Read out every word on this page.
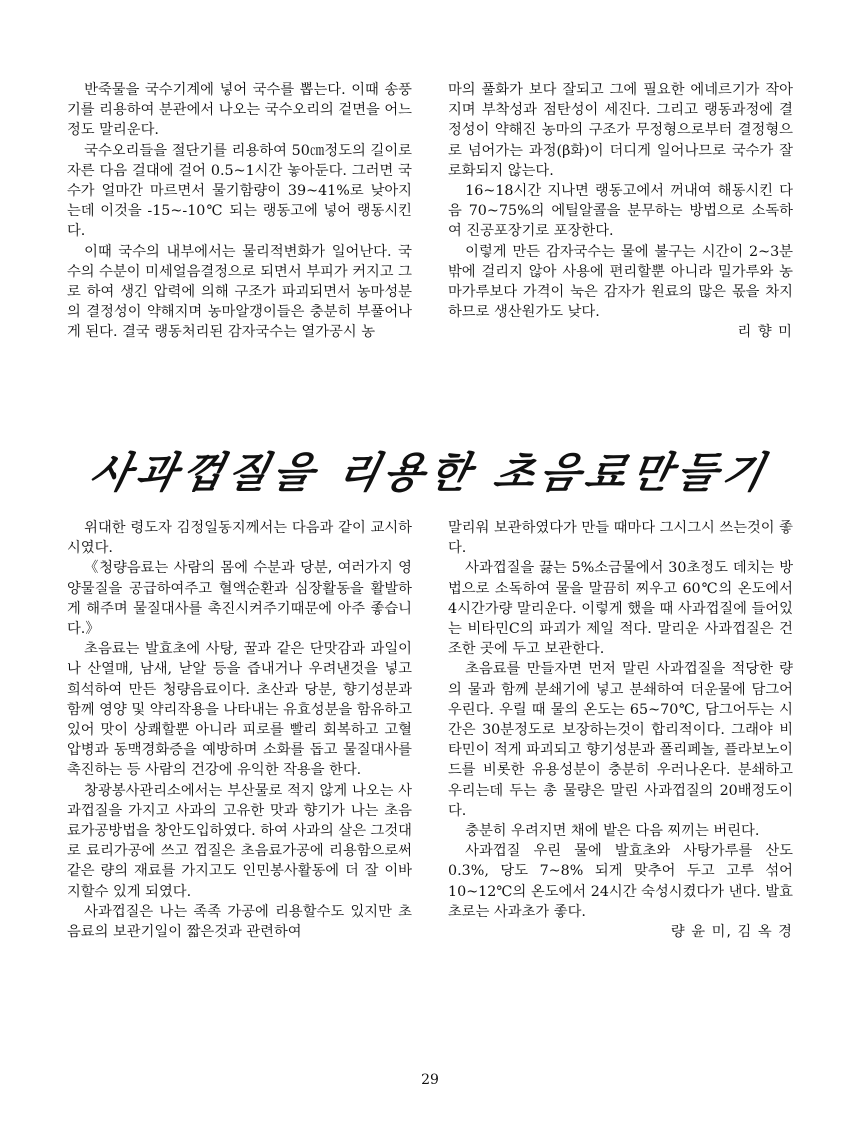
반죽물을 국수기계에 넣어 국수를 뽑는다. 이때 송풍기를 리용하여 분관에서 나오는 국수오리의 겉면을 어느 정도 말리운다.

국수오리들을 절단기를 리용하여 50㎝정도의 길이로 자른 다음 걸대에 걸어 0.5~1시간 놓아둔다. 그러면 국수가 얼마간 마르면서 물기함량이 39~41%로 낮아지는데 이것을 -15~-10℃ 되는 랭동고에 넣어 랭동시킨다.

이때 국수의 내부에서는 물리적변화가 일어난다. 국수의 수분이 미세얼음결정으로 되면서 부피가 커지고 그로 하여 생긴 압력에 의해 구조가 파괴되면서 농마성분의 결정성이 약해지며 농마알갱이들은 충분히 부풀어나게 된다. 결국 랭동처리된 감자국수는 열가공시 농

마의 풀화가 보다 잘되고 그에 필요한 에네르기가 작아지며 부착성과 점탄성이 세진다. 그리고 랭동과정에 결정성이 약해진 농마의 구조가 무정형으로부터 결정형으로 넘어가는 과정(β화)이 더디게 일어나므로 국수가 잘 로화되지 않는다.

16~18시간 지나면 랭동고에서 꺼내여 해동시킨 다음 70~75%의 에틸알콜을 분무하는 방법으로 소독하여 진공포장기로 포장한다.

이렇게 만든 감자국수는 물에 불구는 시간이 2~3분밖에 걸리지 않아 사용에 편리할뿐 아니라 밀가루와 농마가루보다 가격이 눅은 감자가 원료의 많은 몫을 차지하므로 생산원가도 낮다.

리 향 미
사과껍질을 리용한 초음료만들기

위대한 령도자 김정일동지께서는 다음과 같이 교시하시였다.

《청량음료는 사람의 몸에 수분과 당분, 여러가지 영양물질을 공급하여주고 혈액순환과 심장활동을 활발하게 해주며 물질대사를 촉진시켜주기때문에 아주 좋습니다.》

초음료는 발효초에 사탕, 꿀과 같은 단맛감과 과일이나 산열매, 남새, 낟알 등을 즙내거나 우려낸것을 넣고 희석하여 만든 청량음료이다. 초산과 당분, 향기성분과 함께 영양 및 약리작용을 나타내는 유효성분을 함유하고있어 맛이 상쾌할뿐 아니라 피로를 빨리 회복하고 고혈압병과 동맥경화증을 예방하며 소화를 돕고 물질대사를 촉진하는 등 사람의 건강에 유익한 작용을 한다.

창광봉사관리소에서는 부산물로 적지 않게 나오는 사과껍질을 가지고 사과의 고유한 맛과 향기가 나는 초음료가공방법을 창안도입하였다. 하여 사과의 살은 그것대로 료리가공에 쓰고 껍질은 초음료가공에 리용함으로써 같은 량의 재료를 가지고도 인민봉사활동에 더 잘 이바지할수 있게 되였다.

사과껍질은 나는 족족 가공에 리용할수도 있지만 초음료의 보관기일이 짧은것과 관련하여

말리워 보관하였다가 만들 때마다 그시그시 쓰는것이 좋다.

사과껍질을 끓는 5%소금물에서 30초정도 데치는 방법으로 소독하여 물을 말끔히 찌우고 60℃의 온도에서 4시간가량 말리운다. 이렇게 했을 때 사과껍질에 들어있는 비타민C의 파괴가 제일 적다. 말리운 사과껍질은 건조한 곳에 두고 보관한다.

초음료를 만들자면 먼저 말린 사과껍질을 적당한 량의 물과 함께 분쇄기에 넣고 분쇄하여 더운물에 담그어 우린다. 우릴 때 물의 온도는 65~70℃, 담그어두는 시간은 30분정도로 보장하는것이 합리적이다. 그래야 비타민이 적게 파괴되고 향기성분과 폴리페놀, 플라보노이드를 비롯한 유용성분이 충분히 우러나온다. 분쇄하고 우리는데 두는 총 물량은 말린 사과껍질의 20배정도이다.

충분히 우려지면 채에 밭은 다음 찌끼는 버린다.

사과껍질 우린 물에 발효초와 사탕가루를 산도 0.3%, 당도 7~8% 되게 맞추어 두고 고루 섞어 10~12℃의 온도에서 24시간 숙성시켰다가 낸다. 발효초로는 사과초가 좋다.

량 윤 미, 김 옥 경
29
